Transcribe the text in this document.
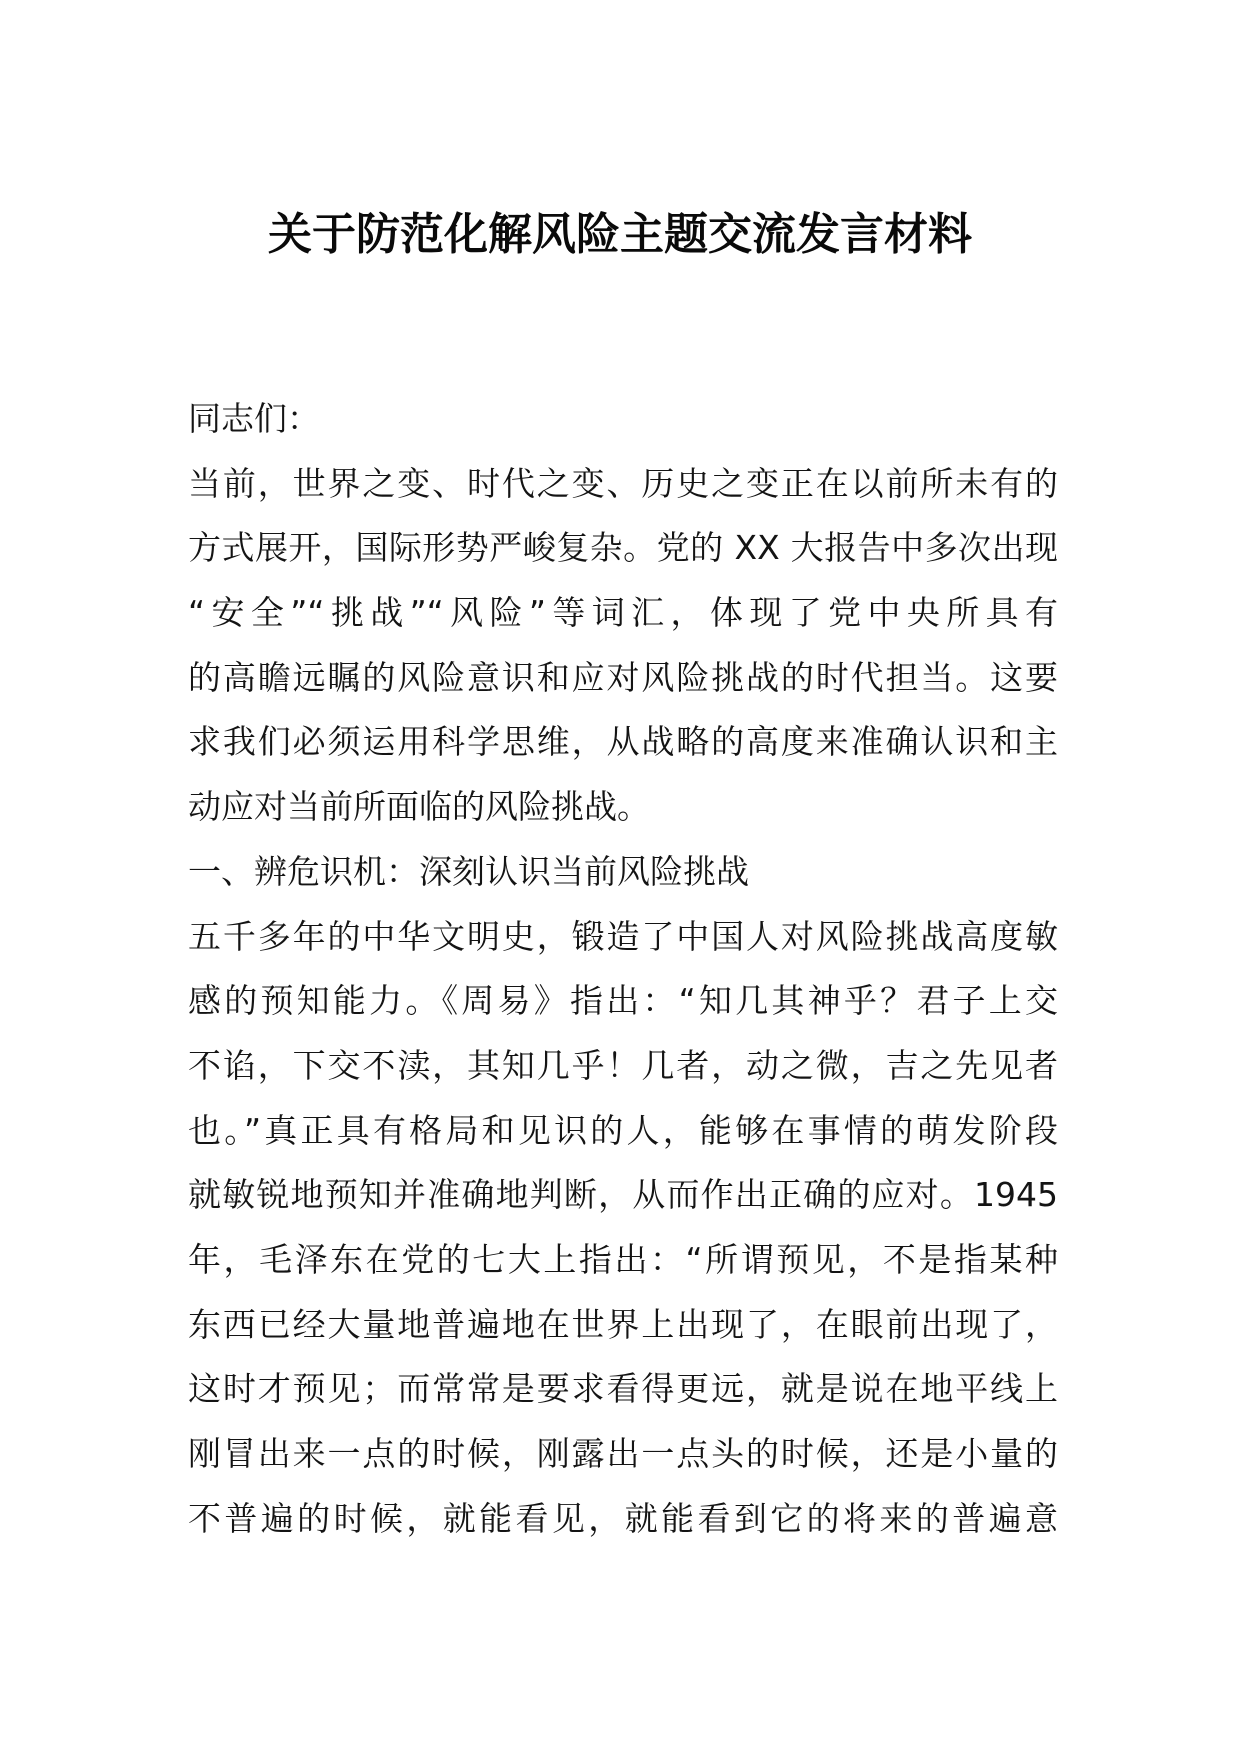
关于防范化解风险主题交流发言材料
同志们：
当前，世界之变、时代之变、历史之变正在以前所未有的
方式展开，国际形势严峻复杂。党的 XX 大报告中多次出现
“安全”“挑战”“风险”等词汇，体现了党中央所具有
的高瞻远瞩的风险意识和应对风险挑战的时代担当。这要
求我们必须运用科学思维，从战略的高度来准确认识和主
动应对当前所面临的风险挑战。
一、辨危识机：深刻认识当前风险挑战
五千多年的中华文明史，锻造了中国人对风险挑战高度敏
感的预知能力。《周易》指出：“知几其神乎？君子上交
不谄，下交不渎，其知几乎！几者，动之微，吉之先见者
也。”真正具有格局和见识的人，能够在事情的萌发阶段
就敏锐地预知并准确地判断，从而作出正确的应对。1945
年，毛泽东在党的七大上指出：“所谓预见，不是指某种
东西已经大量地普遍地在世界上出现了，在眼前出现了，
这时才预见；而常常是要求看得更远，就是说在地平线上
刚冒出来一点的时候，刚露出一点头的时候，还是小量的
不普遍的时候，就能看见，就能看到它的将来的普遍意
